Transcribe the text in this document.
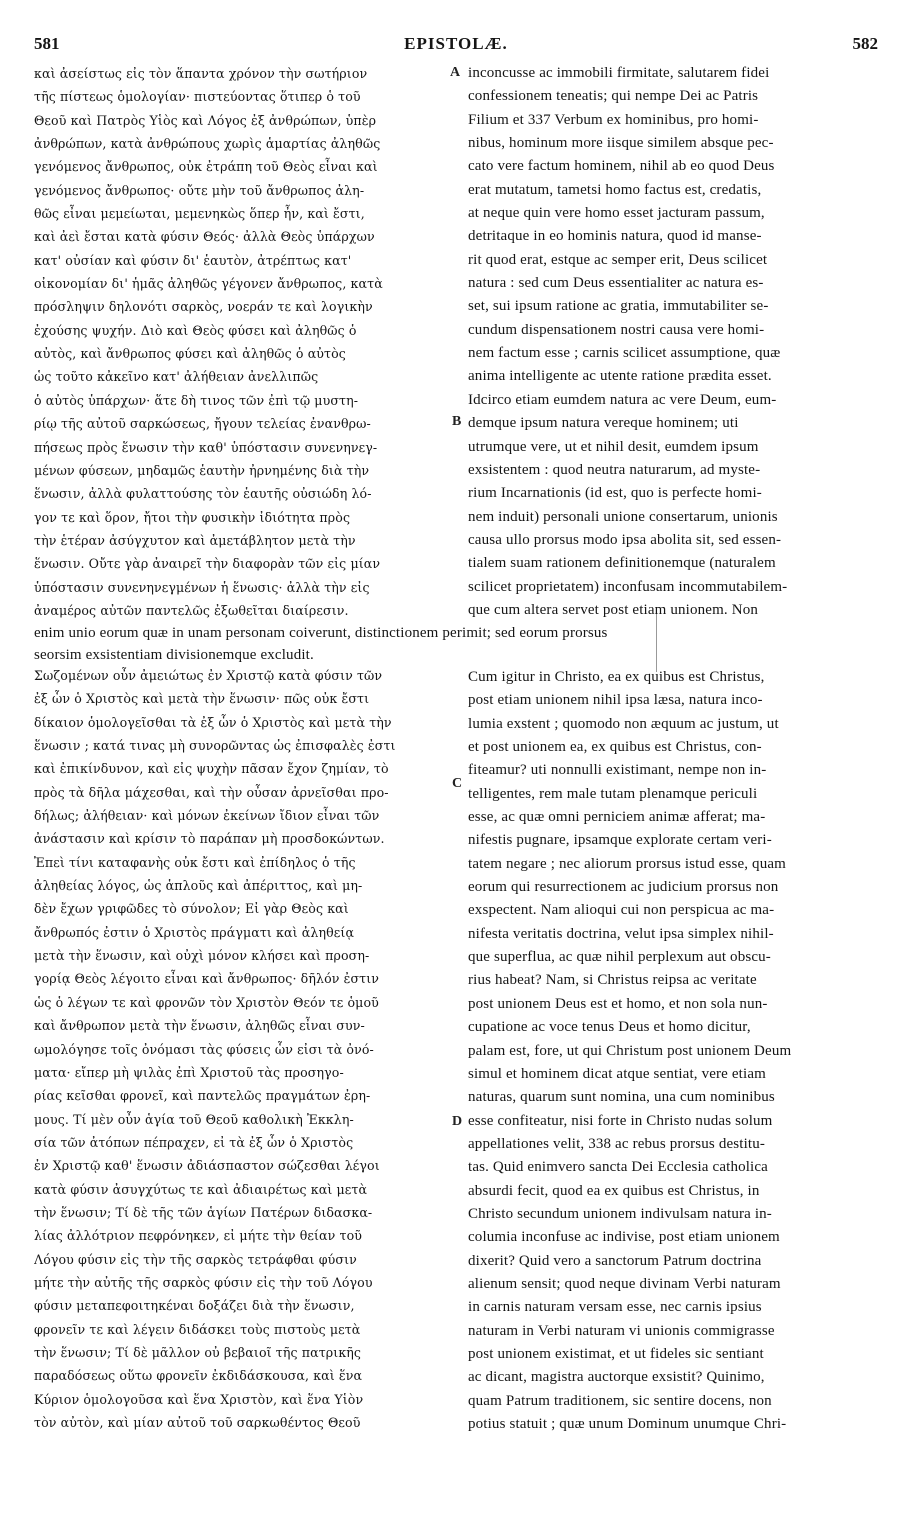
581	EPISTOLÆ.	582
A
B
C
D
καὶ ἀσείστως εἰς τὸν ἅπαντα χρόνον τὴν σωτήριον
τῆς πίστεως ὁμολογίαν· πιστεύοντας ὅτιπερ ὁ τοῦ
Θεοῦ καὶ Πατρὸς Υἱὸς καὶ Λόγος ἐξ ἀνθρώπων, ὑπὲρ
ἀνθρώπων, κατὰ ἀνθρώπους χωρὶς ἁμαρτίας ἀληθῶς
γενόμενος ἄνθρωπος, οὐκ ἐτράπη τοῦ Θεὸς εἶναι καὶ
γενόμενος ἄνθρωπος· οὔτε μὴν τοῦ ἄνθρωπος ἀλη-
θῶς εἶναι μεμείωται, μεμενηκὼς ὅπερ ἦν, καὶ ἔστι,
καὶ ἀεὶ ἔσται κατὰ φύσιν Θεός· ἀλλὰ Θεὸς ὑπάρχων
κατ' οὐσίαν καὶ φύσιν δι' ἑαυτὸν, ἀτρέπτως κατ'
οἰκονομίαν δι' ἡμᾶς ἀληθῶς γέγονεν ἄνθρωπος, κατὰ
πρόσληψιν δηλονότι σαρκὸς, νοεράν τε καὶ λογικὴν
ἐχούσης ψυχήν. Διὸ καὶ Θεὸς φύσει καὶ ἀληθῶς ὁ
αὐτὸς, καὶ ἄνθρωπος φύσει καὶ ἀληθῶς ὁ αὐτὸς
ὡς τοῦτο κἀκεῖνο κατ' ἀλήθειαν ἀνελλιπῶς
ὁ αὐτὸς ὑπάρχων· ἅτε δὴ τινος τῶν ἐπὶ τῷ μυστη-
ρίῳ τῆς αὐτοῦ σαρκώσεως, ἤγουν τελείας ἐνανθρω-
πήσεως πρὸς ἕνωσιν τὴν καθ' ὑπόστασιν συνενηνεγ-
μένων φύσεων, μηδαμῶς ἑαυτὴν ἠρνημένης διὰ τὴν
ἕνωσιν, ἀλλὰ φυλαττούσης τὸν ἑαυτῆς οὐσιώδη λό-
γον τε καὶ ὅρον, ἤτοι τὴν φυσικὴν ἰδιότητα πρὸς
τὴν ἑτέραν ἀσύγχυτον καὶ ἀμετάβλητον μετὰ τὴν
ἕνωσιν. Οὔτε γὰρ ἀναιρεῖ τὴν διαφορὰν τῶν εἰς μίαν
ὑπόστασιν συνενηνεγμένων ἡ ἕνωσις· ἀλλὰ τὴν εἰς
ἀναμέρος αὐτῶν παντελῶς ἐξωθεῖται διαίρεσιν.
inconcusse ac immobili firmitate, salutarem fidei
confessionem teneatis; qui nempe Dei ac Patris
Filium et 337 Verbum ex hominibus, pro homi-
nibus, hominum more iisque similem absque pec-
cato vere factum hominem, nihil ab eo quod Deus
erat mutatum, tametsi homo factus est, credatis,
at neque quin vere homo esset jacturam passum,
detritaque in eo hominis natura, quod id manse-
rit quod erat, estque ac semper erit, Deus scilicet
natura : sed cum Deus essentialiter ac natura es-
set, sui ipsum ratione ac gratia, immutabiliter se-
cundum dispensationem nostri causa vere homi-
nem factum esse ; carnis scilicet assumptione, quæ
anima intelligente ac utente ratione prædita esset.
Idcirco etiam eumdem natura ac vere Deum, eum-
demque ipsum natura vereque hominem; uti
utrumque vere, ut et nihil desit, eumdem ipsum
exsistentem : quod neutra naturarum, ad myste-
rium Incarnationis (id est, quo is perfecte homi-
nem induit) personali unione consertarum, unionis
causa ullo prorsus modo ipsa abolita sit, sed essen-
tialem suam rationem definitionemque (naturalem
scilicet proprietatem) inconfusam incommutabilem-
que cum altera servet post etiam unionem. Non
enim unio eorum quæ in unam personam coiverunt, distinctionem perimit; sed eorum prorsus
seorsim exsistentiam divisionemque excludit.
Σωζομένων οὖν ἀμειώτως ἐν Χριστῷ κατὰ φύσιν τῶν
ἐξ ὧν ὁ Χριστὸς καὶ μετὰ τὴν ἕνωσιν· πῶς οὐκ ἔστι
δίκαιον ὁμολογεῖσθαι τὰ ἐξ ὧν ὁ Χριστὸς καὶ μετὰ τὴν
ἕνωσιν ; κατά τινας μὴ συνορῶντας ὡς ἐπισφαλὲς ἐστι
καὶ ἐπικίνδυνον, καὶ εἰς ψυχὴν πᾶσαν ἔχον ζημίαν, τὸ
πρὸς τὰ δῆλα μάχεσθαι, καὶ τὴν οὖσαν ἀρνεῖσθαι προ-
δήλως; ἀλήθειαν· καὶ μόνων ἐκείνων ἴδιον εἶναι τῶν
ἀνάστασιν καὶ κρίσιν τὸ παράπαν μὴ προσδοκώντων.
Ἐπεὶ τίνι καταφανὴς οὐκ ἔστι καὶ ἐπίδηλος ὁ τῆς
ἀληθείας λόγος, ὡς ἁπλοῦς καὶ ἀπέριττος, καὶ μη-
δὲν ἔχων γριφῶδες τὸ σύνολον; Εἰ γὰρ Θεὸς καὶ
ἄνθρωπός ἐστιν ὁ Χριστὸς πράγματι καὶ ἀληθείᾳ
μετὰ τὴν ἕνωσιν, καὶ οὐχὶ μόνον κλήσει καὶ προση-
γορίᾳ Θεὸς λέγοιτο εἶναι καὶ ἄνθρωπος· δῆλόν ἐστιν
ὡς ὁ λέγων τε καὶ φρονῶν τὸν Χριστὸν Θεόν τε ὁμοῦ
καὶ ἄνθρωπον μετὰ τὴν ἕνωσιν, ἀληθῶς εἶναι συν-
ωμολόγησε τοῖς ὀνόμασι τὰς φύσεις ὧν εἰσι τὰ ὀνό-
ματα· εἴπερ μὴ ψιλὰς ἐπὶ Χριστοῦ τὰς προσηγο-
ρίας κεῖσθαι φρονεῖ, καὶ παντελῶς πραγμάτων ἐρη-
μους. Τί μὲν οὖν ἁγία τοῦ Θεοῦ καθολικὴ Ἐκκλη-
σία τῶν ἀτόπων πέπραχεν, εἰ τὰ ἐξ ὧν ὁ Χριστὸς
ἐν Χριστῷ καθ' ἕνωσιν ἀδιάσπαστον σώζεσθαι λέγοι
κατὰ φύσιν ἀσυγχύτως τε καὶ ἀδιαιρέτως καὶ μετὰ
τὴν ἕνωσιν; Τί δὲ τῆς τῶν ἁγίων Πατέρων διδασκα-
λίας ἀλλότριον πεφρόνηκεν, εἰ μήτε τὴν θείαν τοῦ
Λόγου φύσιν εἰς τὴν τῆς σαρκὸς τετράφθαι φύσιν
μήτε τὴν αὐτῆς τῆς σαρκὸς φύσιν εἰς τὴν τοῦ Λόγου
φύσιν μεταπεφοιτηκέναι δοξάζει διὰ τὴν ἕνωσιν,
φρονεῖν τε καὶ λέγειν διδάσκει τοὺς πιστοὺς μετὰ
τὴν ἕνωσιν; Τί δὲ μᾶλλον οὐ βεβαιοῖ τῆς πατρικῆς
παραδόσεως οὕτω φρονεῖν ἐκδιδάσκουσα, καὶ ἕνα
Κύριον ὁμολογοῦσα καὶ ἕνα Χριστὸν, καὶ ἕνα Υἱὸν
τὸν αὐτὸν, καὶ μίαν αὐτοῦ τοῦ σαρκωθέντος Θεοῦ
Cum igitur in Christo, ea ex quibus est Christus,
post etiam unionem nihil ipsa læsa, natura inco-
lumia exstent ; quomodo non æquum ac justum, ut
et post unionem ea, ex quibus est Christus, con-
fiteamur? uti nonnulli existimant, nempe non in-
telligentes, rem male tutam plenamque periculi
esse, ac quæ omni perniciem animæ afferat; ma-
nifestis pugnare, ipsamque explorate certam veri-
tatem negare ; nec aliorum prorsus istud esse, quam
eorum qui resurrectionem ac judicium prorsus non
exspectent. Nam alioqui cui non perspicua ac ma-
nifesta veritatis doctrina, velut ipsa simplex nihil-
que superflua, ac quæ nihil perplexum aut obscu-
rius habeat? Nam, si Christus reipsa ac veritate
post unionem Deus est et homo, et non sola nun-
cupatione ac voce tenus Deus et homo dicitur,
palam est, fore, ut qui Christum post unionem Deum
simul et hominem dicat atque sentiat, vere etiam
naturas, quarum sunt nomina, una cum nominibus
esse confiteatur, nisi forte in Christo nudas solum
appellationes velit, 338 ac rebus prorsus destitu-
tas. Quid enimvero sancta Dei Ecclesia catholica
absurdi fecit, quod ea ex quibus est Christus, in
Christo secundum unionem indivulsam natura in-
columia inconfuse ac indivise, post etiam unionem
dixerit? Quid vero a sanctorum Patrum doctrina
alienum sensit; quod neque divinam Verbi naturam
in carnis naturam versam esse, nec carnis ipsius
naturam in Verbi naturam vi unionis commigrasse
post unionem existimat, et ut fideles sic sentiant
ac dicant, magistra auctorque exsistit? Quinimo,
quam Patrum traditionem, sic sentire docens, non
potius statuit ; quæ unum Dominum unumque Chri-
